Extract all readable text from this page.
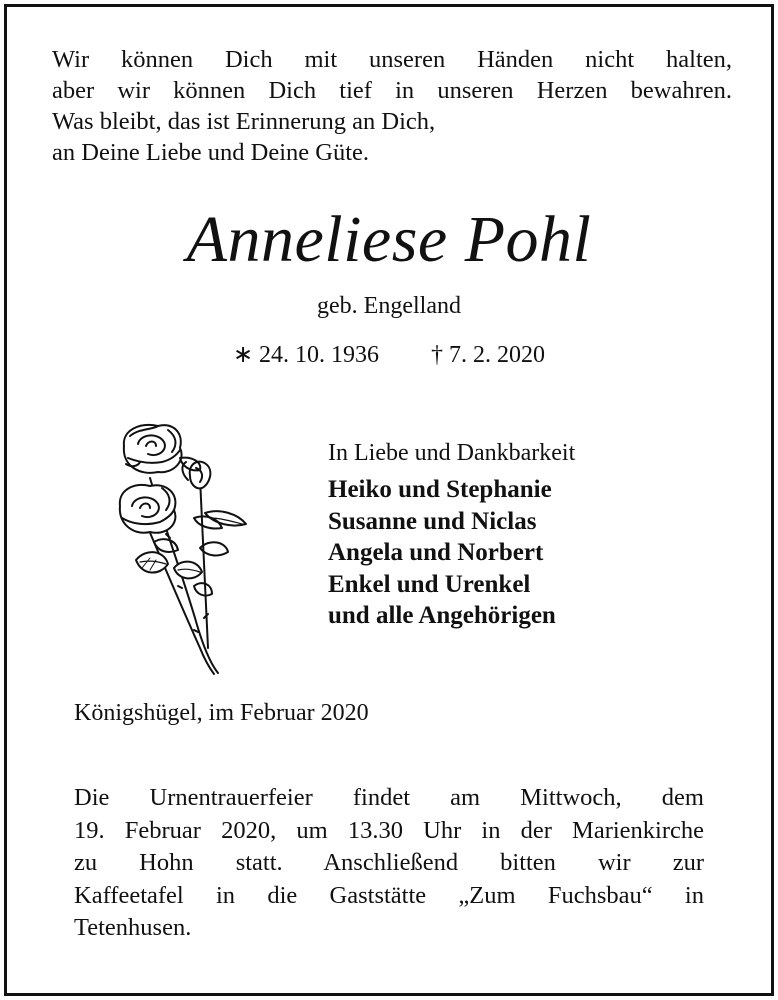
Wir können Dich mit unseren Händen nicht halten,
aber wir können Dich tief in unseren Herzen bewahren.
Was bleibt, das ist Erinnerung an Dich,
an Deine Liebe und Deine Güte.
Anneliese Pohl
geb. Engelland
∗ 24. 10. 1936 † 7. 2. 2020
In Liebe und Dankbarkeit
Heiko und Stephanie
Susanne und Niclas
Angela und Norbert
Enkel und Urenkel
und alle Angehörigen
Königshügel, im Februar 2020
Die Urnentrauerfeier findet am Mittwoch, dem
19. Februar 2020, um 13.30 Uhr in der Marienkirche
zu Hohn statt. Anschließend bitten wir zur
Kaffeetafel in die Gaststätte „Zum Fuchsbau“ in
Tetenhusen.
